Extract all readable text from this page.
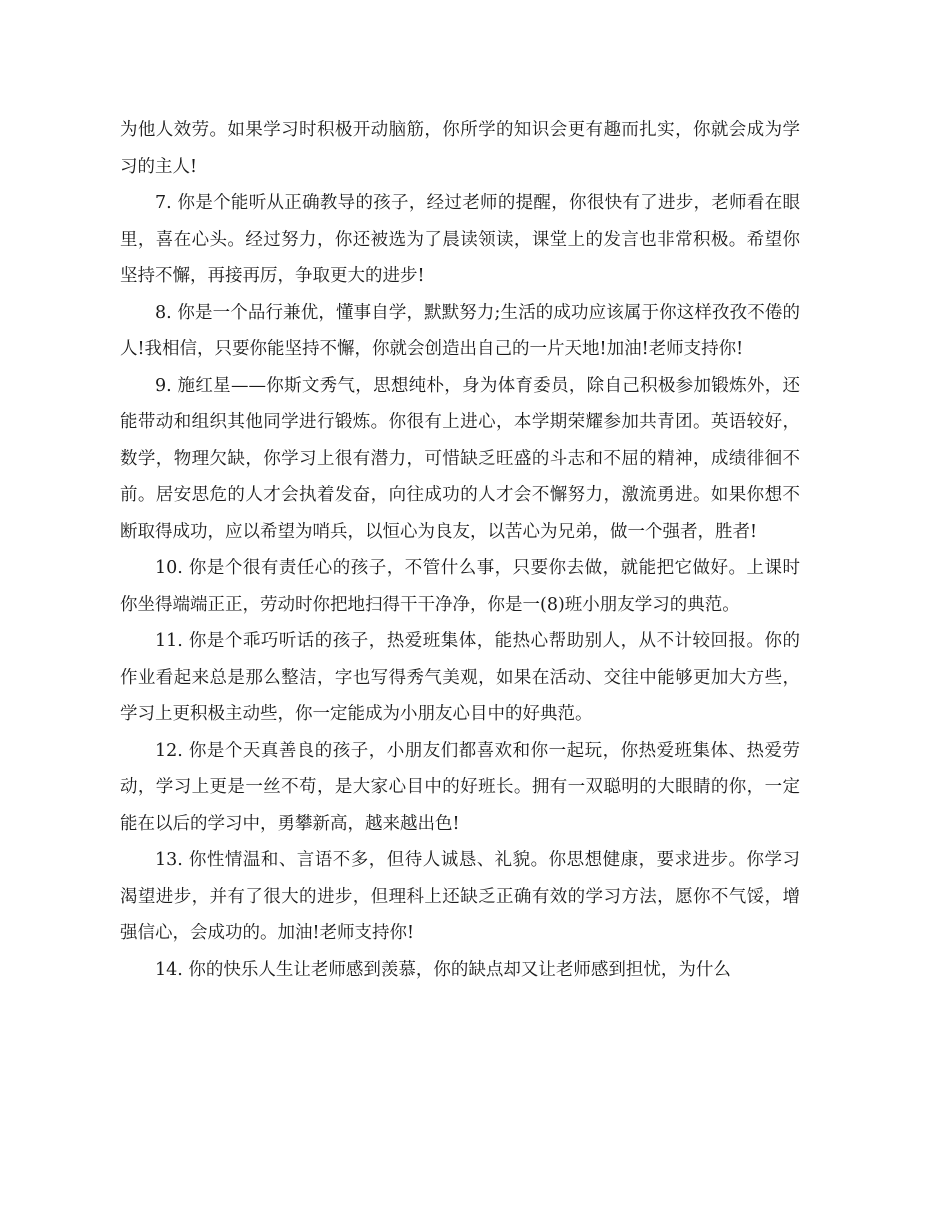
为他人效劳。如果学习时积极开动脑筋，你所学的知识会更有趣而扎实，你就会成为学习的主人!

7. 你是个能听从正确教导的孩子，经过老师的提醒，你很快有了进步，老师看在眼里，喜在心头。经过努力，你还被选为了晨读领读，课堂上的发言也非常积极。希望你坚持不懈，再接再厉，争取更大的进步!

8. 你是一个品行兼优，懂事自学，默默努力;生活的成功应该属于你这样孜孜不倦的人!我相信，只要你能坚持不懈，你就会创造出自己的一片天地!加油!老师支持你!

9. 施红星——你斯文秀气，思想纯朴，身为体育委员，除自己积极参加锻炼外，还能带动和组织其他同学进行锻炼。你很有上进心，本学期荣耀参加共青团。英语较好，数学，物理欠缺，你学习上很有潜力，可惜缺乏旺盛的斗志和不屈的精神，成绩徘徊不前。居安思危的人才会执着发奋，向往成功的人才会不懈努力，激流勇进。如果你想不断取得成功，应以希望为哨兵，以恒心为良友，以苦心为兄弟，做一个强者，胜者!

10. 你是个很有责任心的孩子，不管什么事，只要你去做，就能把它做好。上课时你坐得端端正正，劳动时你把地扫得干干净净，你是一(8)班小朋友学习的典范。

11. 你是个乖巧听话的孩子，热爱班集体，能热心帮助别人，从不计较回报。你的作业看起来总是那么整洁，字也写得秀气美观，如果在活动、交往中能够更加大方些，学习上更积极主动些，你一定能成为小朋友心目中的好典范。

12. 你是个天真善良的孩子，小朋友们都喜欢和你一起玩，你热爱班集体、热爱劳动，学习上更是一丝不苟，是大家心目中的好班长。拥有一双聪明的大眼睛的你，一定能在以后的学习中，勇攀新高，越来越出色!

13. 你性情温和、言语不多，但待人诚恳、礼貌。你思想健康，要求进步。你学习渴望进步，并有了很大的进步，但理科上还缺乏正确有效的学习方法，愿你不气馁，增强信心，会成功的。加油!老师支持你!

14. 你的快乐人生让老师感到羡慕，你的缺点却又让老师感到担忧，为什么
